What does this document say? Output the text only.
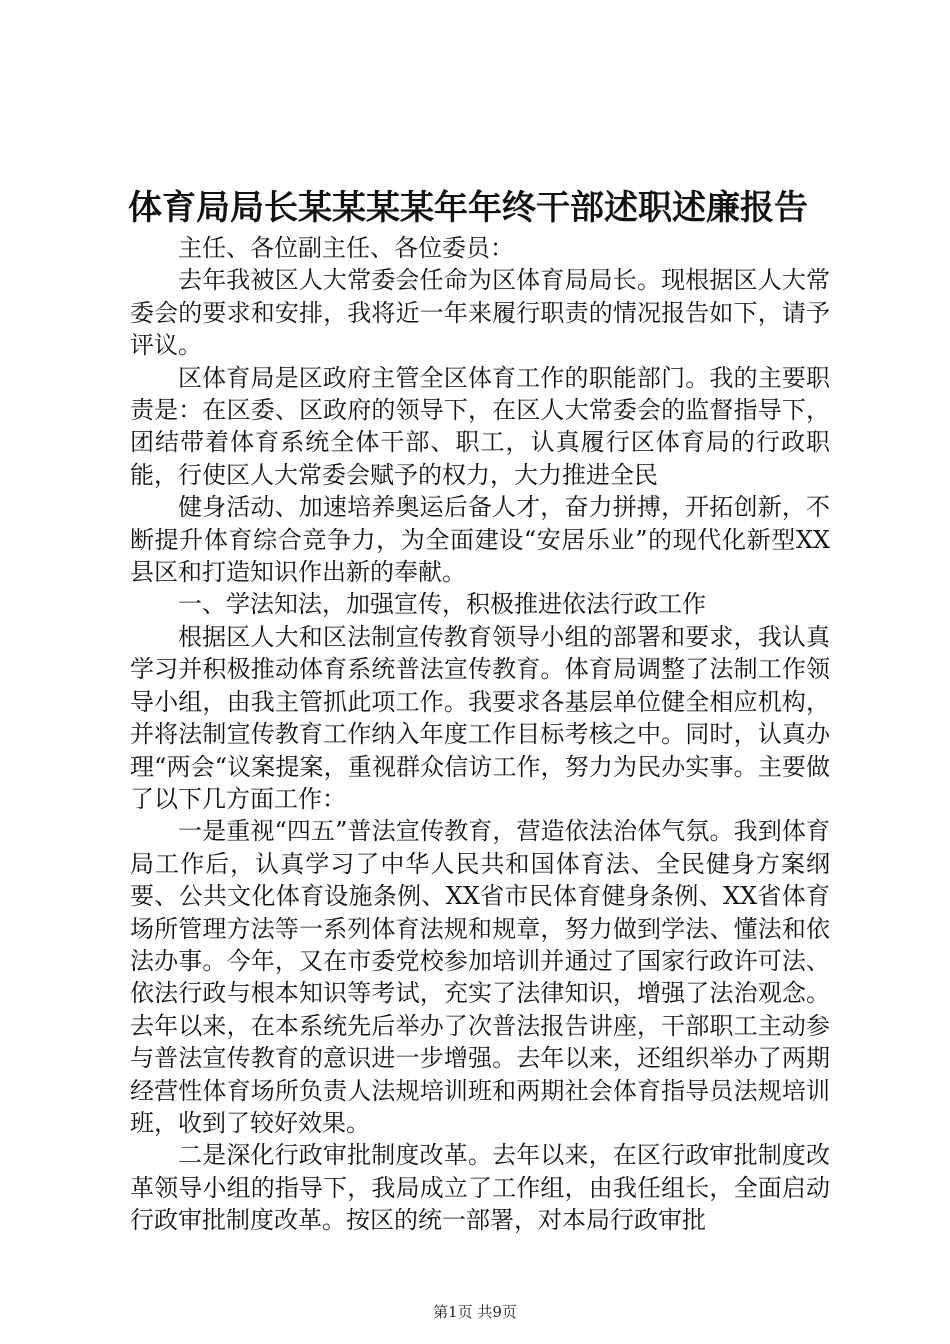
体育局局长某某某某年年终干部述职述廉报告

主任、各位副主任、各位委员：

去年我被区人大常委会任命为区体育局局长。现根据区人大常委会的要求和安排，我将近一年来履行职责的情况报告如下，请予评议。

区体育局是区政府主管全区体育工作的职能部门。我的主要职责是：在区委、区政府的领导下，在区人大常委会的监督指导下，团结带着体育系统全体干部、职工，认真履行区体育局的行政职能，行使区人大常委会赋予的权力，大力推进全民

健身活动、加速培养奥运后备人才，奋力拼搏，开拓创新，不断提升体育综合竞争力，为全面建设“安居乐业”的现代化新型XX县区和打造知识作出新的奉献。

一、学法知法，加强宣传，积极推进依法行政工作

根据区人大和区法制宣传教育领导小组的部署和要求，我认真学习并积极推动体育系统普法宣传教育。体育局调整了法制工作领导小组，由我主管抓此项工作。我要求各基层单位健全相应机构，并将法制宣传教育工作纳入年度工作目标考核之中。同时，认真办理“两会“议案提案，重视群众信访工作，努力为民办实事。主要做了以下几方面工作：

一是重视“四五”普法宣传教育，营造依法治体气氛。我到体育局工作后，认真学习了中华人民共和国体育法、全民健身方案纲要、公共文化体育设施条例、XX省市民体育健身条例、XX省体育场所管理方法等一系列体育法规和规章，努力做到学法、懂法和依法办事。今年，又在市委党校参加培训并通过了国家行政许可法、依法行政与根本知识等考试，充实了法律知识，增强了法治观念。去年以来，在本系统先后举办了次普法报告讲座，干部职工主动参与普法宣传教育的意识进一步增强。去年以来，还组织举办了两期经营性体育场所负责人法规培训班和两期社会体育指导员法规培训班，收到了较好效果。

二是深化行政审批制度改革。去年以来，在区行政审批制度改革领导小组的指导下，我局成立了工作组，由我任组长，全面启动行政审批制度改革。按区的统一部署，对本局行政审批

第1页 共9页
